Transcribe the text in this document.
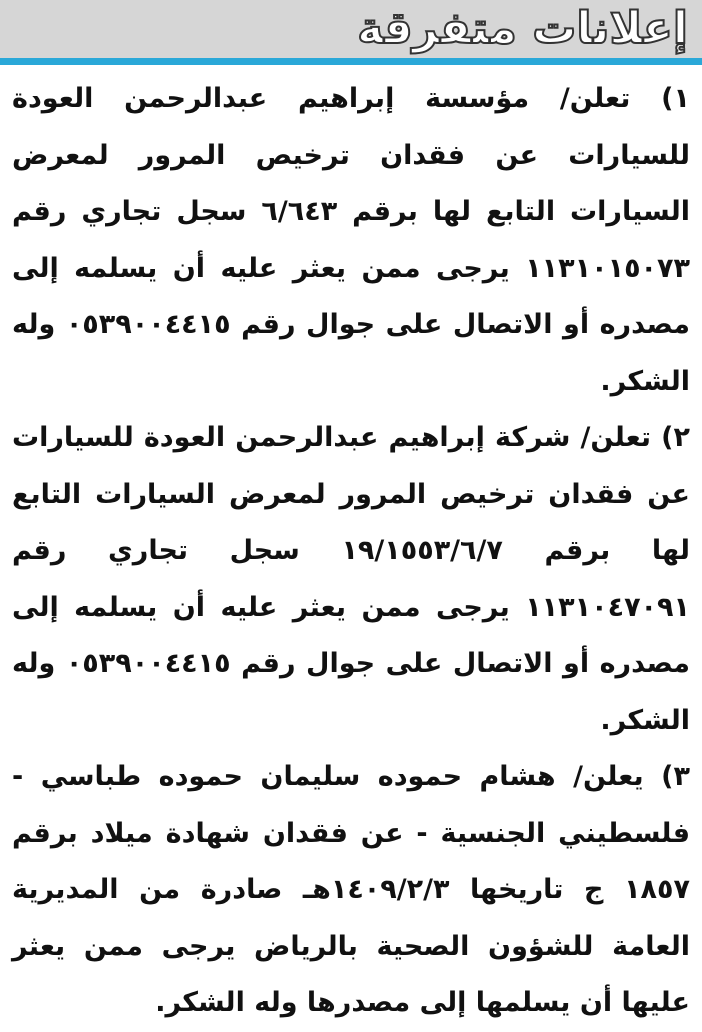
إعلانات متفرقة

١) تعلن/ مؤسسة إبراهيم عبدالرحمن العودة للسيارات عن فقدان ترخيص المرور لمعرض السيارات التابع لها برقم ٦/٦٤٣ سجل تجاري رقم ١١٣١٠١٥٠٧٣ يرجى ممن يعثر عليه أن يسلمه إلى مصدره أو الاتصال على جوال رقم ٠٥٣٩٠٠٤٤١٥ وله الشكر.

٢) تعلن/ شركة إبراهيم عبدالرحمن العودة للسيارات عن فقدان ترخيص المرور لمعرض السيارات التابع لها برقم ١٩/١٥٥٣/٦/٧ سجل تجاري رقم ١١٣١٠٤٧٠٩١ يرجى ممن يعثر عليه أن يسلمه إلى مصدره أو الاتصال على جوال رقم ٠٥٣٩٠٠٤٤١٥ وله الشكر.

٣) يعلن/ هشام حموده سليمان حموده طباسي - فلسطيني الجنسية - عن فقدان شهادة ميلاد برقم ١٨٥٧ ج تاريخها ١٤٠٩/٢/٣هـ صادرة من المديرية العامة للشؤون الصحية بالرياض يرجى ممن يعثر عليها أن يسلمها إلى مصدرها وله الشكر.
